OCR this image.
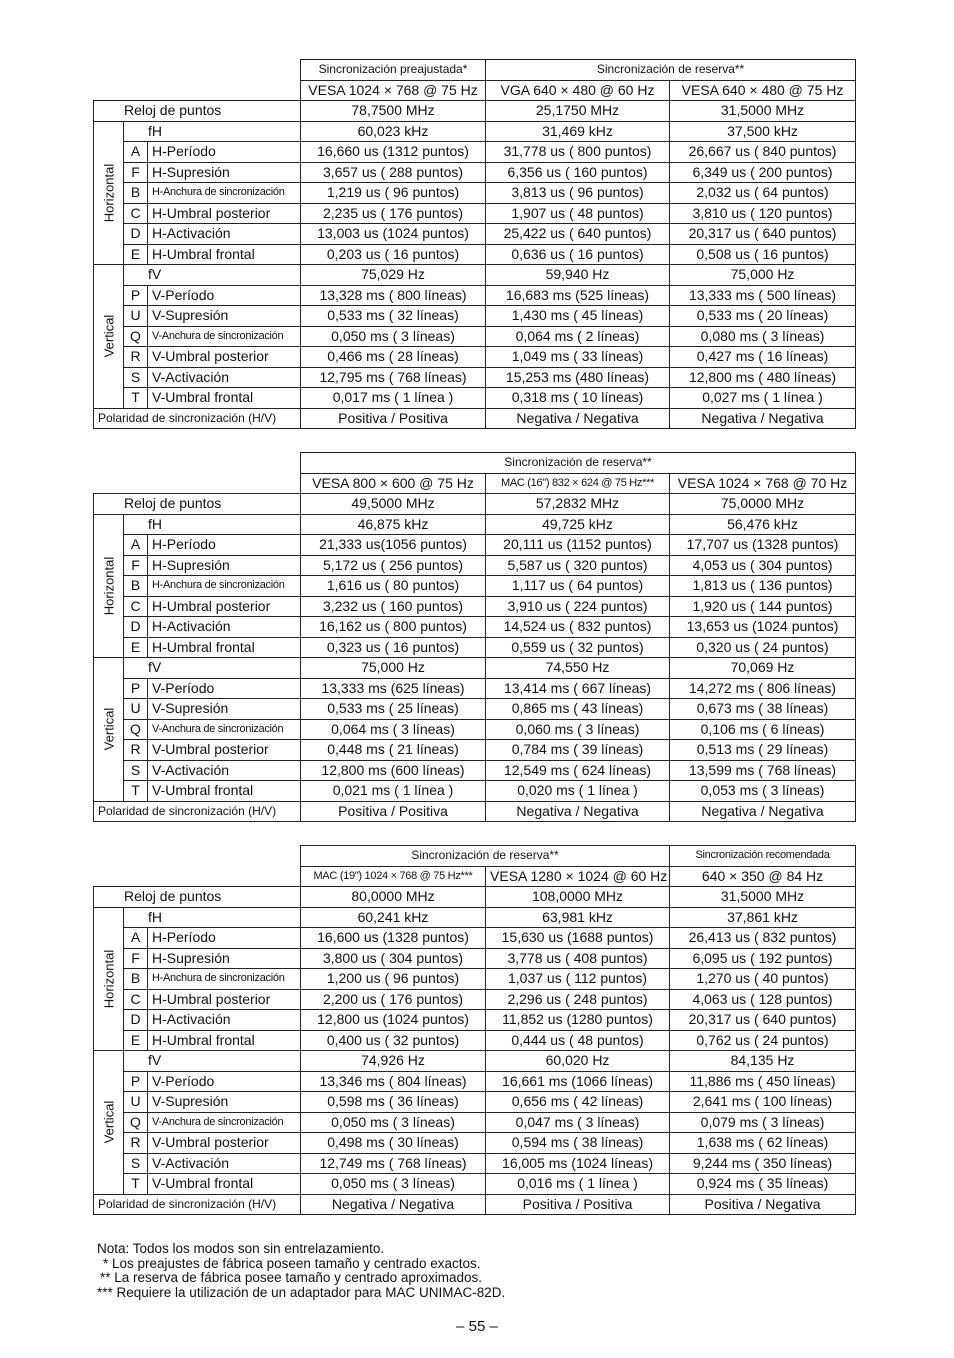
			Sincronización preajustada*	Sincronización de reserva**	
			VESA 1024 × 768 @ 75 Hz	VGA 640 × 480 @ 60 Hz	VESA 640 × 480 @ 75 Hz
Reloj de puntos			78,7500 MHz	25,1750 MHz	31,5000 MHz

Horizontal	fH		60,023 kHz	31,469 kHz	37,500 kHz
	A	H-Período	16,660 us (1312 puntos)	31,778 us ( 800 puntos)	26,667 us ( 840 puntos)
	F	H-Supresión	3,657 us ( 288 puntos)	6,356 us ( 160 puntos)	6,349 us ( 200 puntos)
	B	H-Anchura de sincronización	1,219 us ( 96 puntos)	3,813 us ( 96 puntos)	2,032 us ( 64 puntos)
	C	H-Umbral posterior	2,235 us ( 176 puntos)	1,907 us ( 48 puntos)	3,810 us ( 120 puntos)
	D	H-Activación	13,003 us (1024 puntos)	25,422 us ( 640 puntos)	20,317 us ( 640 puntos)
	E	H-Umbral frontal	0,203 us ( 16 puntos)	0,636 us ( 16 puntos)	0,508 us ( 16 puntos)

Vertical	fV		75,029 Hz	59,940 Hz	75,000 Hz
	P	V-Período	13,328 ms ( 800 líneas)	16,683 ms (525 líneas)	13,333 ms ( 500 líneas)
	U	V-Supresión	0,533 ms ( 32 líneas)	1,430 ms ( 45 líneas)	0,533 ms ( 20 líneas)
	Q	V-Anchura de sincronización	0,050 ms ( 3 líneas)	0,064 ms ( 2 líneas)	0,080 ms ( 3 líneas)
	R	V-Umbral posterior	0,466 ms ( 28 líneas)	1,049 ms ( 33 líneas)	0,427 ms ( 16 líneas)
	S	V-Activación	12,795 ms ( 768 líneas)	15,253 ms (480 líneas)	12,800 ms ( 480 líneas)
	T	V-Umbral frontal	0,017 ms ( 1 línea )	0,318 ms ( 10 líneas)	0,027 ms ( 1 línea )
Polaridad de sincronización (H/V)			Positiva / Positiva	Negativa / Negativa	Negativa / Negativa
			Sincronización de reserva**		
			VESA 800 × 600 @ 75 Hz	MAC (16") 832 × 624 @ 75 Hz***	VESA 1024 × 768 @ 70 Hz
Reloj de puntos			49,5000 MHz	57,2832 MHz	75,0000 MHz

Horizontal	fH		46,875 kHz	49,725 kHz	56,476 kHz
	A	H-Período	21,333 us(1056 puntos)	20,111 us (1152 puntos)	17,707 us (1328 puntos)
	F	H-Supresión	5,172 us ( 256 puntos)	5,587 us ( 320 puntos)	4,053 us ( 304 puntos)
	B	H-Anchura de sincronización	1,616 us ( 80 puntos)	1,117 us ( 64 puntos)	1,813 us ( 136 puntos)
	C	H-Umbral posterior	3,232 us ( 160 puntos)	3,910 us ( 224 puntos)	1,920 us ( 144 puntos)
	D	H-Activación	16,162 us ( 800 puntos)	14,524 us ( 832 puntos)	13,653 us (1024 puntos)
	E	H-Umbral frontal	0,323 us ( 16 puntos)	0,559 us ( 32 puntos)	0,320 us ( 24 puntos)

Vertical	fV		75,000 Hz	74,550 Hz	70,069 Hz
	P	V-Período	13,333 ms (625 líneas)	13,414 ms ( 667 líneas)	14,272 ms ( 806 líneas)
	U	V-Supresión	0,533 ms ( 25 líneas)	0,865 ms ( 43 líneas)	0,673 ms ( 38 líneas)
	Q	V-Anchura de sincronización	0,064 ms ( 3 líneas)	0,060 ms ( 3 líneas)	0,106 ms ( 6 líneas)
	R	V-Umbral posterior	0,448 ms ( 21 líneas)	0,784 ms ( 39 líneas)	0,513 ms ( 29 líneas)
	S	V-Activación	12,800 ms (600 líneas)	12,549 ms ( 624 líneas)	13,599 ms ( 768 líneas)
	T	V-Umbral frontal	0,021 ms ( 1 línea )	0,020 ms ( 1 línea )	0,053 ms ( 3 líneas)
Polaridad de sincronización (H/V)			Positiva / Positiva	Negativa / Negativa	Negativa / Negativa
			Sincronización de reserva**		Sincronización recomendada
			MAC (19") 1024 × 768 @ 75 Hz***	VESA 1280 × 1024 @ 60 Hz	640 × 350 @ 84 Hz
Reloj de puntos			80,0000 MHz	108,0000 MHz	31,5000 MHz

Horizontal	fH		60,241 kHz	63,981 kHz	37,861 kHz
	A	H-Período	16,600 us (1328 puntos)	15,630 us (1688 puntos)	26,413 us ( 832 puntos)
	F	H-Supresión	3,800 us ( 304 puntos)	3,778 us ( 408 puntos)	6,095 us ( 192 puntos)
	B	H-Anchura de sincronización	1,200 us ( 96 puntos)	1,037 us ( 112 puntos)	1,270 us ( 40 puntos)
	C	H-Umbral posterior	2,200 us ( 176 puntos)	2,296 us ( 248 puntos)	4,063 us ( 128 puntos)
	D	H-Activación	12,800 us (1024 puntos)	11,852 us (1280 puntos)	20,317 us ( 640 puntos)
	E	H-Umbral frontal	0,400 us ( 32 puntos)	0,444 us ( 48 puntos)	0,762 us ( 24 puntos)

Vertical	fV		74,926 Hz	60,020 Hz	84,135 Hz
	P	V-Período	13,346 ms ( 804 líneas)	16,661 ms (1066 líneas)	11,886 ms ( 450 líneas)
	U	V-Supresión	0,598 ms ( 36 líneas)	0,656 ms ( 42 líneas)	2,641 ms ( 100 líneas)
	Q	V-Anchura de sincronización	0,050 ms ( 3 líneas)	0,047 ms ( 3 líneas)	0,079 ms ( 3 líneas)
	R	V-Umbral posterior	0,498 ms ( 30 líneas)	0,594 ms ( 38 líneas)	1,638 ms ( 62 líneas)
	S	V-Activación	12,749 ms ( 768 líneas)	16,005 ms (1024 líneas)	9,244 ms ( 350 líneas)
	T	V-Umbral frontal	0,050 ms ( 3 líneas)	0,016 ms ( 1 línea )	0,924 ms ( 35 líneas)
Polaridad de sincronización (H/V)			Negativa / Negativa	Positiva / Positiva	Positiva / Negativa
Nota: Todos los modos son sin entrelazamiento.
* Los preajustes de fábrica poseen tamaño y centrado exactos.
** La reserva de fábrica posee tamaño y centrado aproximados.
*** Requiere la utilización de un adaptador para MAC UNIMAC-82D.
– 55 –
